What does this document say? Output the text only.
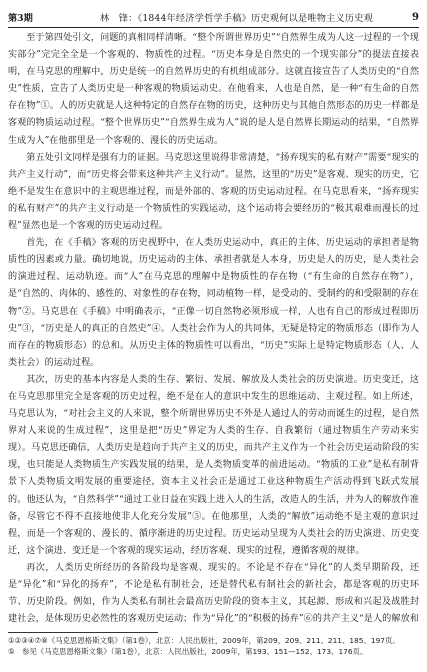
第3期	林　锋：《1844年经济学哲学手稿》历史观何以是唯物主义历史观	9

至于第四处引文，问题的真相同样清晰。“整个所谓世界历史”“自然界生成为人这一过程的一个现实部分”完完全全是一个客观的、物质性的过程。“历史本身是自然史的一个现实部分”的提法直接表明，在马克思的理解中，历史是统一的自然界历史的有机组成部分。这就直接宣告了人类历史的“自然史”性质，宣告了人类历史是一种客观的物质运动史。在他看来，人也是自然，是一种“有生命的自然存在物”①。人的历史就是人这种特定的自然存在物的历史，这种历史与其他自然形态的历史一样都是客观的物质运动过程。“整个世界历史”“自然界生成为人”说的是人是自然界长期运动的结果，“自然界生成为人”在他那里是一个客观的、漫长的历史运动。

第五处引文同样是强有力的证据。马克思这里说得非常清楚，“扬弃现实的私有财产”需要“现实的共产主义行动”，而“历史将会带来这种共产主义行动”。显然，这里的“历史”是客观、现实的历史，它绝不是发生在意识中的主观思维过程，而是外部的、客观的历史运动过程。在马克思看来，“扬弃现实的私有财产”的共产主义行动是一个物质性的实践运动，这个运动将会要经历的“极其艰难而漫长的过程”显然也是一个客观的历史运动过程。

首先，在《手稿》客观的历史视野中，在人类历史运动中，真正的主体、历史运动的承担者是物质性的因素或力量。确切地说，历史运动的主体、承担者就是人本身，历史是人的历史，是人类社会的演进过程、运动轨迹。而“人”在马克思的理解中是物质性的存在物（“有生命的自然存在物”），是“自然的、肉体的、感性的、对象性的存在物，同动植物一样，是受动的、受制约的和受限制的存在物”②。马克思在《手稿》中明确表示，“正像一切自然物必须形成一样，人也有自己的形成过程即历史”③，“历史是人的真正的自然史”④。人类社会作为人的共同体，无疑是特定的物质形态（即作为人而存在的物质形态）的总和。从历史主体的物质性可以看出，“历史”实际上是特定物质形态（人、人类社会）的运动过程。

其次，历史的基本内容是人类的生存、繁衍、发展、解放及人类社会的历史演进。历史变迁，这在马克思那里完全是客观的历史过程，绝不是在人的意识中发生的思维运动、主观过程。如上所述，马克思认为，“对社会主义的人来说，整个所谓世界历史不外是人通过人的劳动而诞生的过程，是自然界对人来说的生成过程”，这里是把“历史”界定为人类的生存、自我繁衍（通过物质生产劳动来实现）。马克思还确信，人类历史是趋向于共产主义的历史，而共产主义作为一个社会历史运动阶段的实现，也只能是人类物质生产实践发展的结果，是人类物质变革的前进运动。“物质的工业”是私有制背景下人类物质文明发展的重要途径，资本主义社会正是通过工业这种物质生产活动得到飞跃式发展的。他还认为，“自然科学”“通过工业日益在实践上进入人的生活，改造人的生活，并为人的解放作准备，尽管它不得不直接地使非人化充分发展”⑤。在他那里，人类的“解放”运动绝不是主观的意识过程，而是一个客观的、漫长的、循序渐进的历史过程。历史运动呈现为人类社会的历史演进、历史变迁，这个演进、变迁是一个客观的现实运动，经历客观、现实的过程，遵循客观的规律。

再次，人类历史所经历的各阶段均是客观、现实的。不论是不存在“异化”的人类早期阶段，还是“异化”和“异化的扬弃”，不论是私有制社会，还是替代私有制社会的新社会，都是客观的历史环节、历史阶段。例如，作为人类私有制社会最高历史阶段的资本主义，其起源、形成和兴起及战胜封建社会，是体现历史必然性的客观历史运动；作为“异化”的“积极的扬弃”⑥的共产主义“是人的解放和

①②③④⑦⑧《马克思恩格斯文集》（第1卷），北京：人民出版社，2009年，第209、209、211、211、185、197页。
⑤　参见《马克思恩格斯文集》（第1卷），北京：人民出版社，2009年，第193、151—152、173、176页。
